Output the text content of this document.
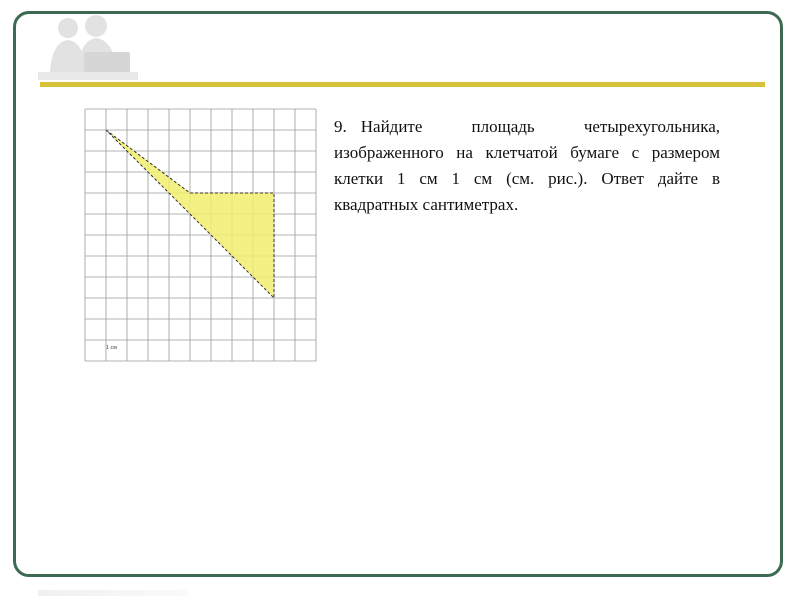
1 см

9. Найдите площадь четырехугольника, изображенного на клетчатой бумаге с размером клетки 1 см 1 см (см. рис.). Ответ дайте в квадратных сантиметрах.
